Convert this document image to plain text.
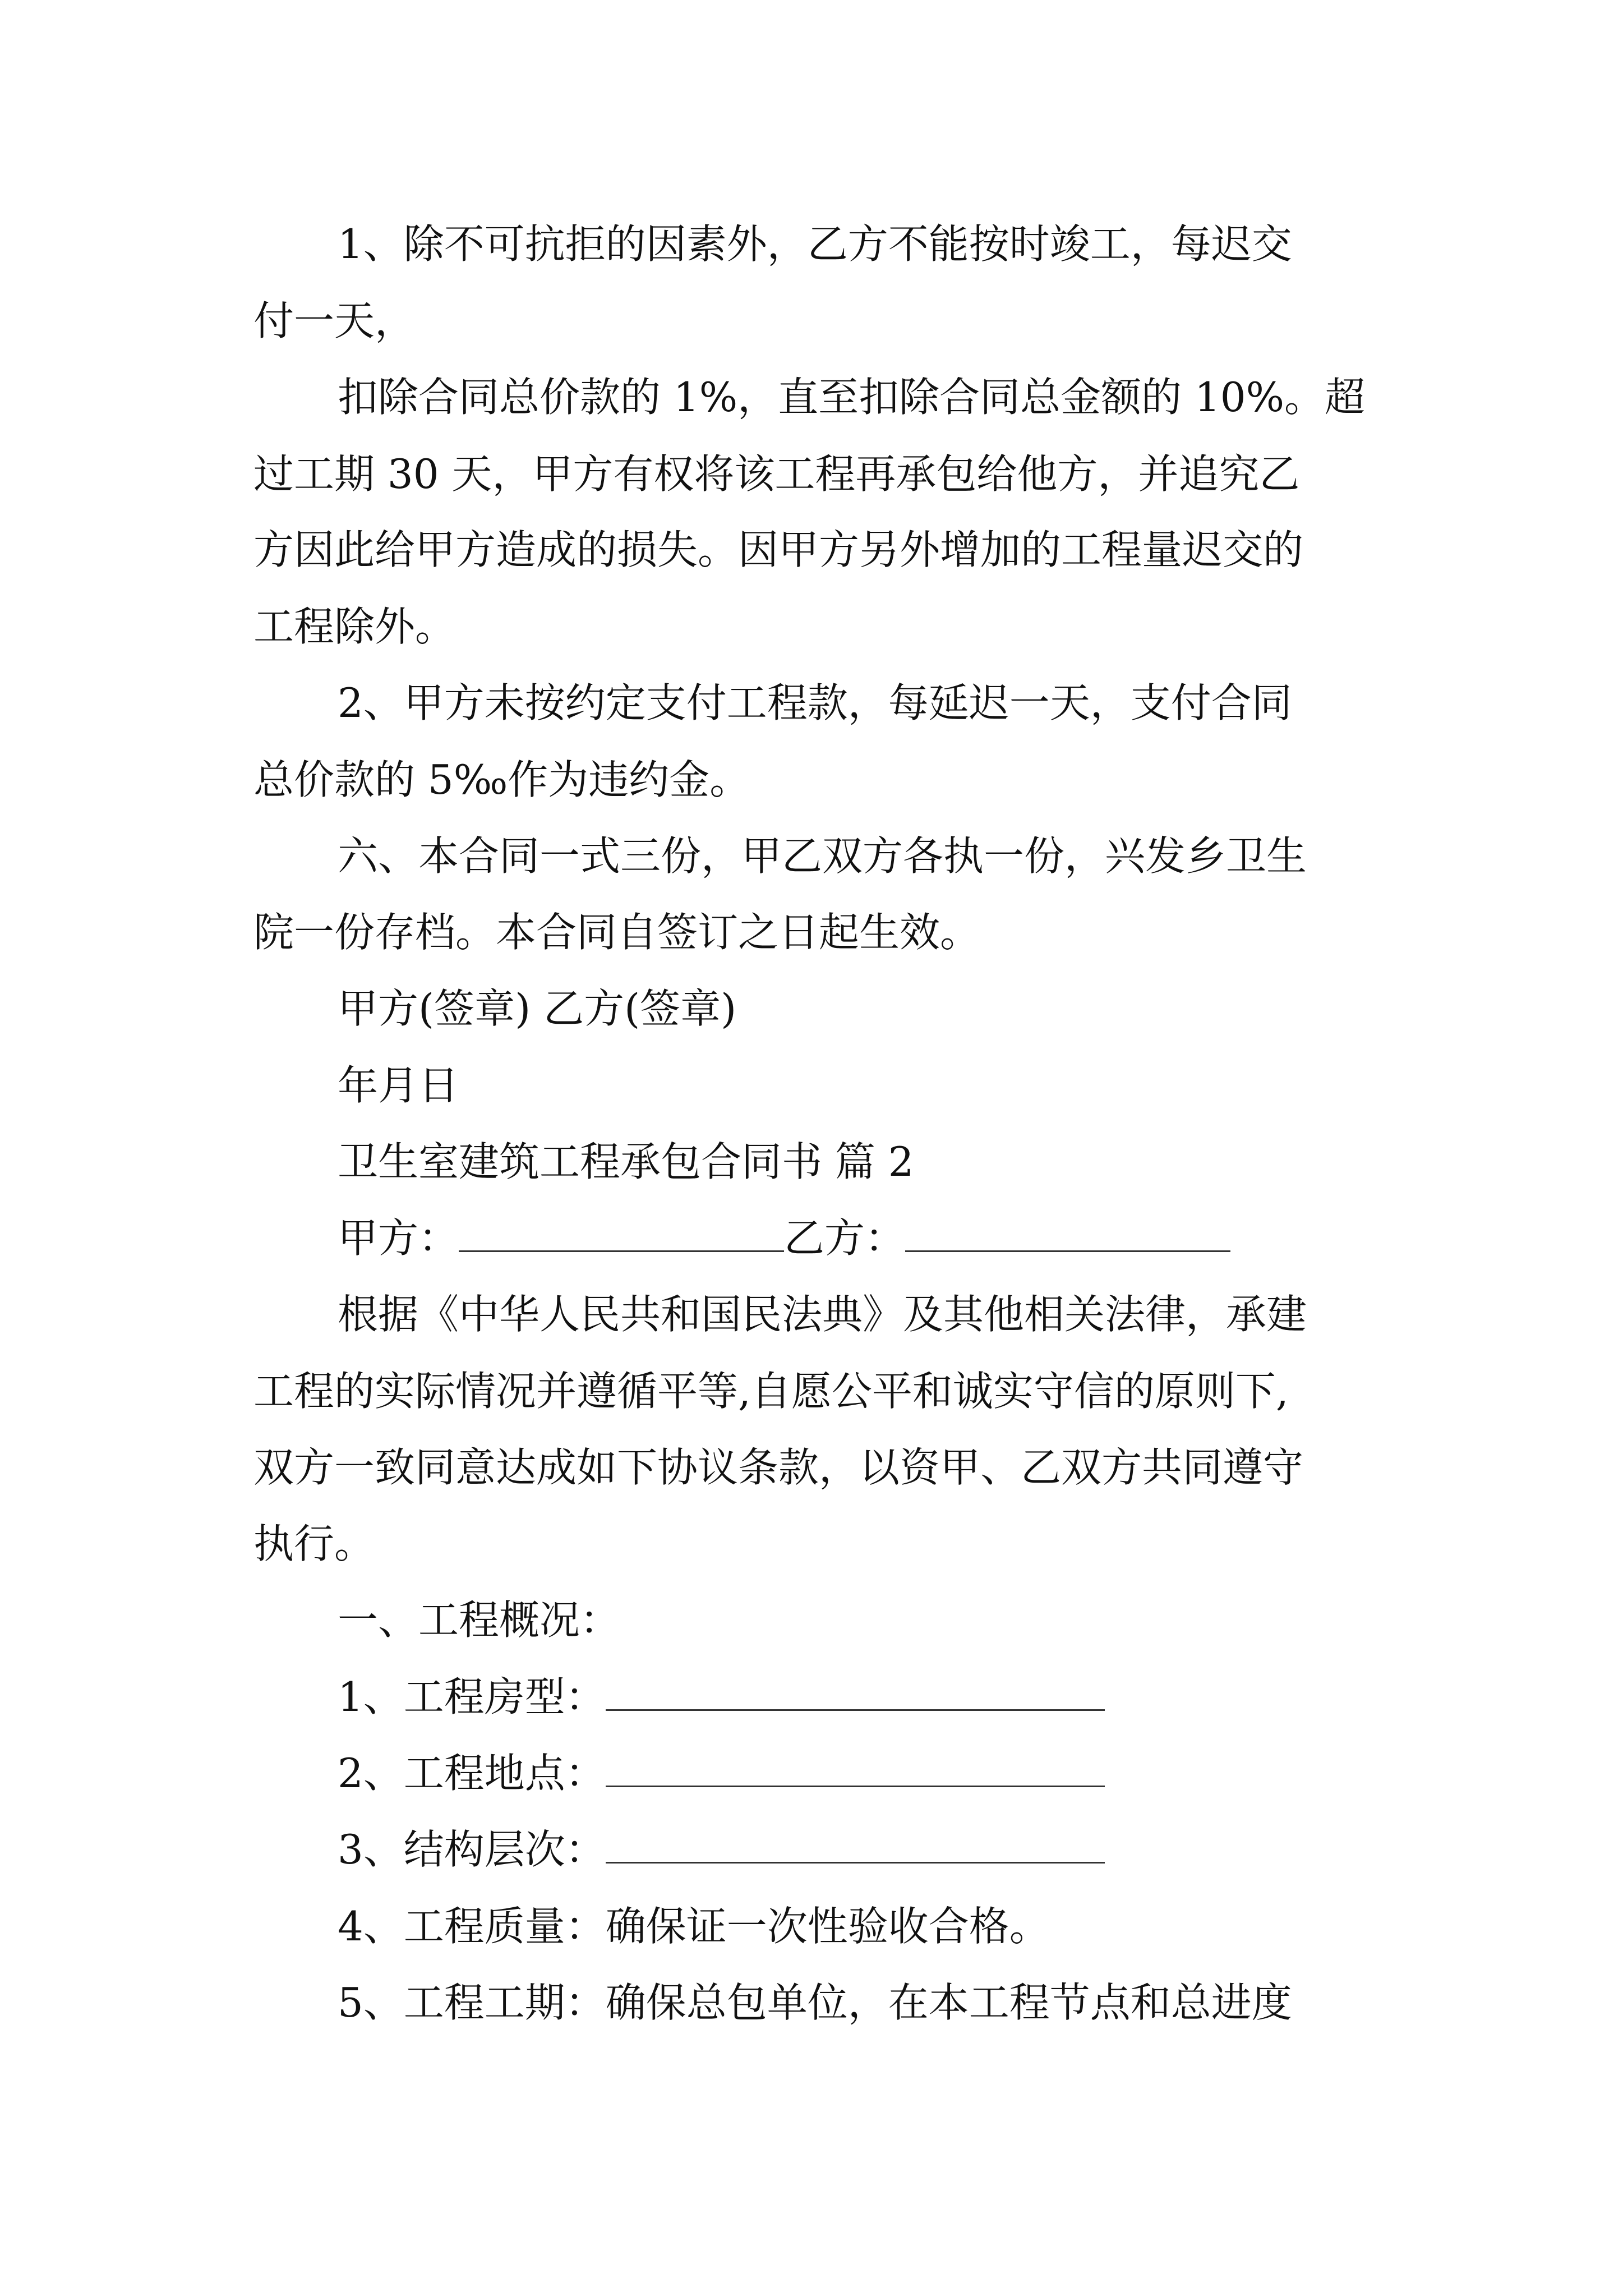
1、除不可抗拒的因素外，乙方不能按时竣工，每迟交
付一天，
扣除合同总价款的 1%，直至扣除合同总金额的 10%。超
过工期 30 天，甲方有权将该工程再承包给他方，并追究乙
方因此给甲方造成的损失。因甲方另外增加的工程量迟交的
工程除外。
2、甲方未按约定支付工程款，每延迟一天，支付合同
总价款的 5‰作为违约金。
六、本合同一式三份，甲乙双方各执一份，兴发乡卫生
院一份存档。本合同自签订之日起生效。
甲方(签章) 乙方(签章)
年月日
卫生室建筑工程承包合同书 篇 2
甲方：	乙方：
根据《中华人民共和国民法典》及其他相关法律，承建
工程的实际情况并遵循平等,自愿公平和诚实守信的原则下,
双方一致同意达成如下协议条款，以资甲、乙双方共同遵守
执行。
一、工程概况：
1、工程房型：
2、工程地点：
3、结构层次：
4、工程质量：确保证一次性验收合格。
5、工程工期：确保总包单位，在本工程节点和总进度
